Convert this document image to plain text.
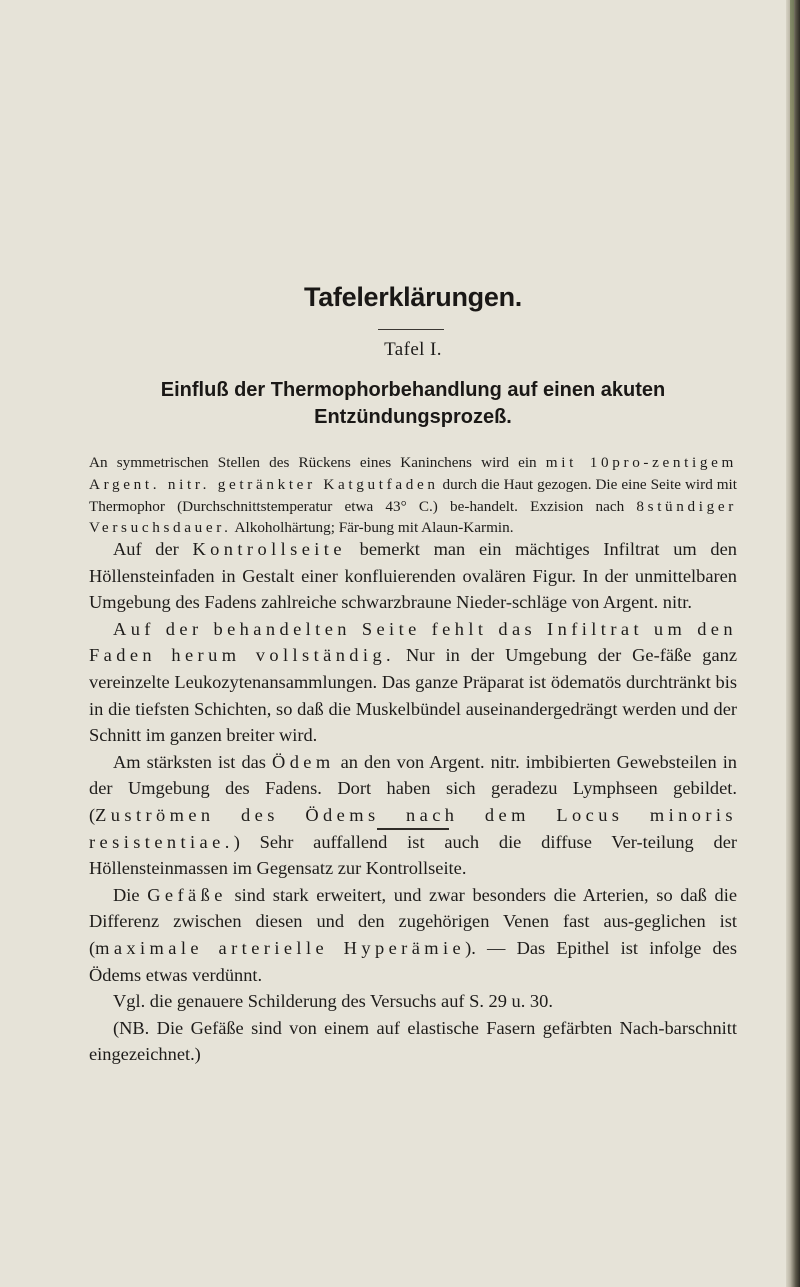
Tafelerklärungen.
Tafel I.
Einfluß der Thermophorbehandlung auf einen akuten
Entzündungsprozeß.

An symmetrischen Stellen des Rückens eines Kaninchens wird ein mit 10pro-zentigem Argent. nitr. getränkter Katgutfaden durch die Haut gezogen. Die eine Seite wird mit Thermophor (Durchschnittstemperatur etwa 43° C.) be-handelt. Exzision nach 8stündiger Versuchsdauer. Alkoholhärtung; Fär-bung mit Alaun-Karmin.

Auf der Kontrollseite bemerkt man ein mächtiges Infiltrat um den Höllensteinfaden in Gestalt einer konfluierenden ovalären Figur. In der unmittelbaren Umgebung des Fadens zahlreiche schwarzbraune Nieder-schläge von Argent. nitr.

Auf der behandelten Seite fehlt das Infiltrat um den Faden herum vollständig. Nur in der Umgebung der Ge-fäße ganz vereinzelte Leukozytenansammlungen. Das ganze Präparat ist ödematös durchtränkt bis in die tiefsten Schichten, so daß die Muskelbündel auseinandergedrängt werden und der Schnitt im ganzen breiter wird.

Am stärksten ist das Ödem an den von Argent. nitr. imbibierten Gewebsteilen in der Umgebung des Fadens. Dort haben sich geradezu Lymphseen gebildet. (Zuströmen des Ödems nach dem Locus minoris resistentiae.) Sehr auffallend ist auch die diffuse Ver-teilung der Höllensteinmassen im Gegensatz zur Kontrollseite.

Die Gefäße sind stark erweitert, und zwar besonders die Arterien, so daß die Differenz zwischen diesen und den zugehörigen Venen fast aus-geglichen ist (maximale arterielle Hyperämie). — Das Epithel ist infolge des Ödems etwas verdünnt.

Vgl. die genauere Schilderung des Versuchs auf S. 29 u. 30.

(NB. Die Gefäße sind von einem auf elastische Fasern gefärbten Nach-barschnitt eingezeichnet.)
